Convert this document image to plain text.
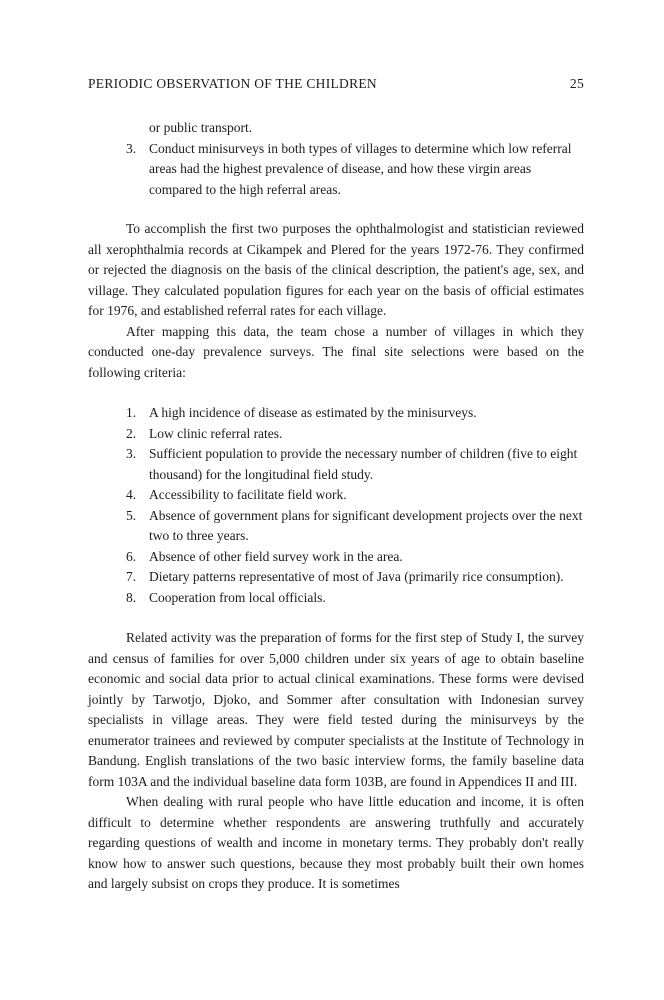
PERIODIC OBSERVATION OF THE CHILDREN	25

or public transport.

3. Conduct minisurveys in both types of villages to determine which low referral areas had the highest prevalence of disease, and how these virgin areas compared to the high referral areas.

To accomplish the first two purposes the ophthalmologist and statistician reviewed all xerophthalmia records at Cikampek and Plered for the years 1972-76. They confirmed or rejected the diagnosis on the basis of the clinical description, the patient's age, sex, and village. They calculated population figures for each year on the basis of official estimates for 1976, and established referral rates for each village.

After mapping this data, the team chose a number of villages in which they conducted one-day prevalence surveys. The final site selections were based on the following criteria:

1. A high incidence of disease as estimated by the minisurveys.
2. Low clinic referral rates.
3. Sufficient population to provide the necessary number of children (five to eight thousand) for the longitudinal field study.
4. Accessibility to facilitate field work.
5. Absence of government plans for significant development projects over the next two to three years.
6. Absence of other field survey work in the area.
7. Dietary patterns representative of most of Java (primarily rice consumption).
8. Cooperation from local officials.

Related activity was the preparation of forms for the first step of Study I, the survey and census of families for over 5,000 children under six years of age to obtain baseline economic and social data prior to actual clinical examinations. These forms were devised jointly by Tarwotjo, Djoko, and Sommer after consultation with Indonesian survey specialists in village areas. They were field tested during the minisurveys by the enumerator trainees and reviewed by computer specialists at the Institute of Technology in Bandung. English translations of the two basic interview forms, the family baseline data form 103A and the individual baseline data form 103B, are found in Appendices II and III.

When dealing with rural people who have little education and income, it is often difficult to determine whether respondents are answering truthfully and accurately regarding questions of wealth and income in monetary terms. They probably don't really know how to answer such questions, because they most probably built their own homes and largely subsist on crops they produce. It is sometimes
